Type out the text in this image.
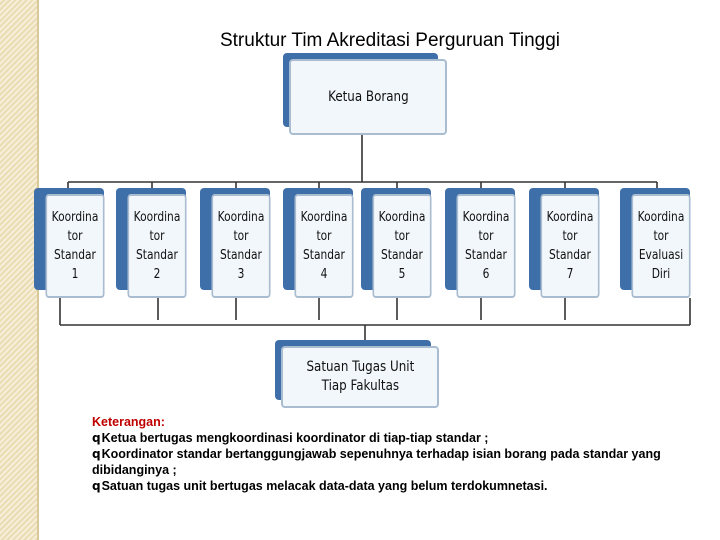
Struktur Tim Akreditasi Perguruan Tinggi
Ketua Borang
Koordina
tor
Standar
1
Koordina
tor
Standar
2
Koordina
tor
Standar
3
Koordina
tor
Standar
4
Koordina
tor
Standar
5
Koordina
tor
Standar
6
Koordina
tor
Standar
7
Koordina
tor
Evaluasi
Diri
Satuan Tugas Unit
Tiap Fakultas
Keterangan:
qKetua bertugas mengkoordinasi koordinator di tiap-tiap standar ;
qKoordinator standar bertanggungjawab sepenuhnya terhadap isian borang pada standar yang dibidanginya ;
qSatuan tugas unit bertugas melacak data-data yang belum terdokumnetasi.
